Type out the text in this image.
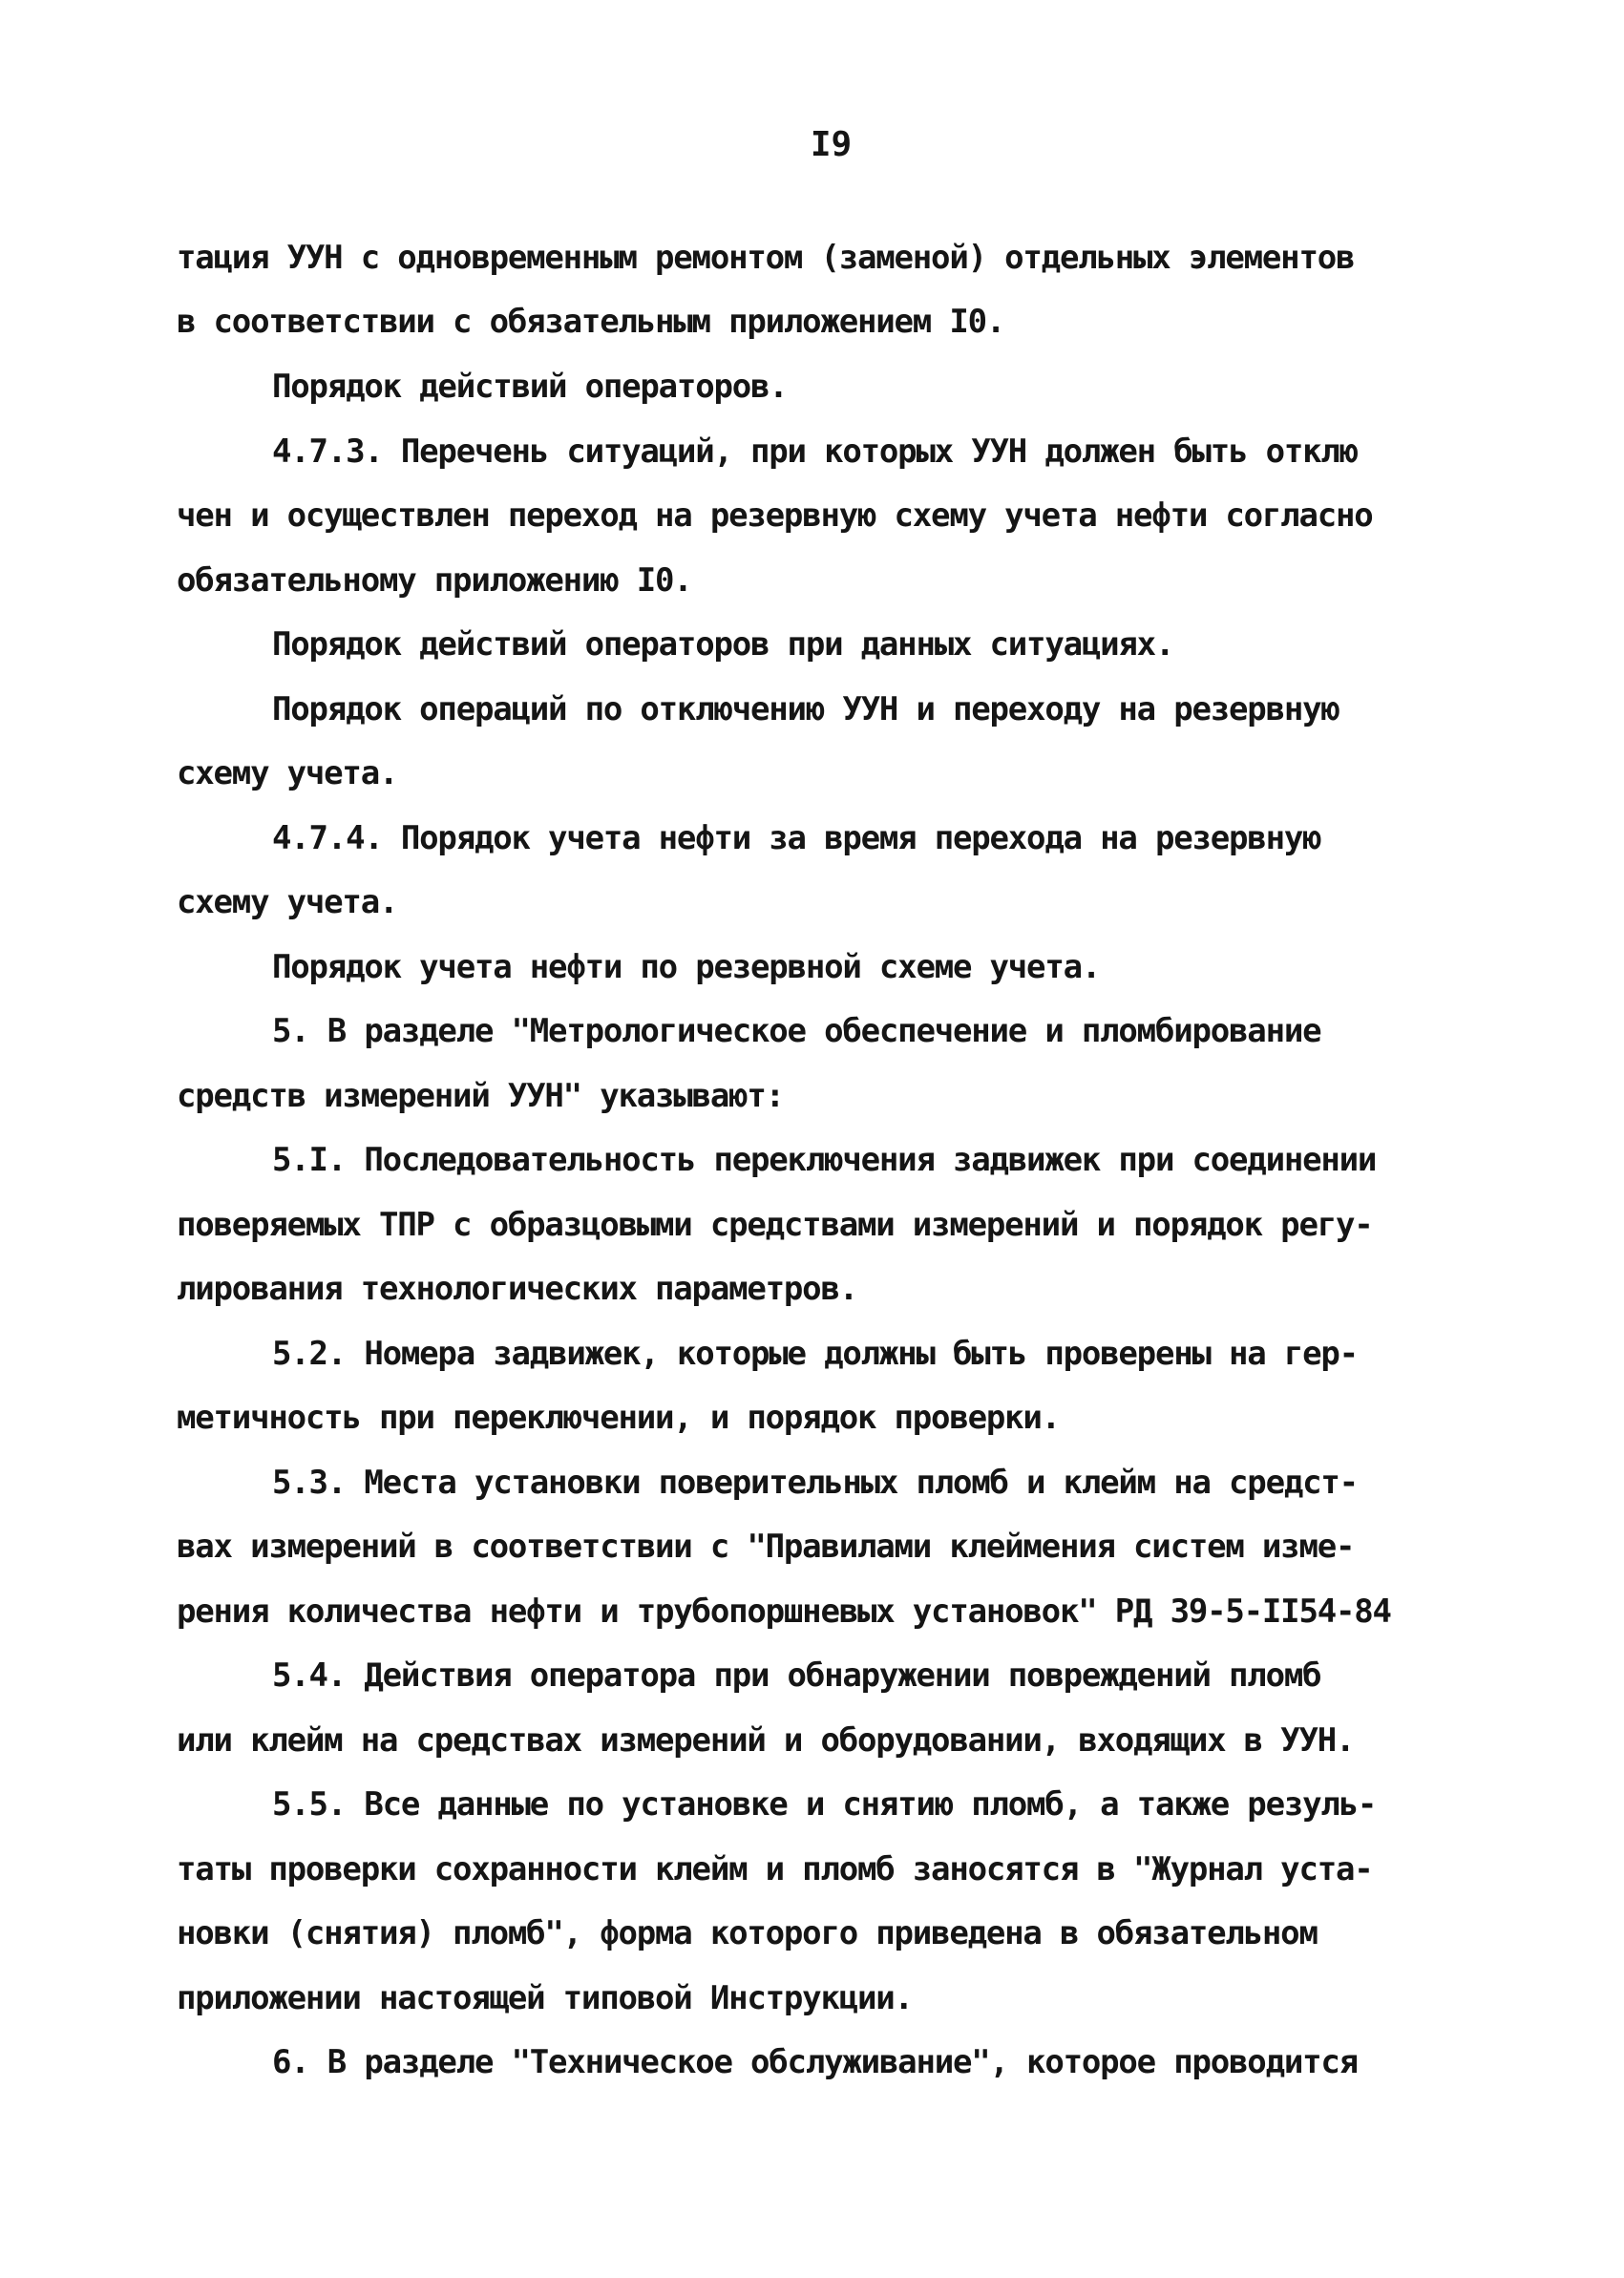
I9
тация УУН с одновременным ремонтом (заменой) отдельных элементов
в соответствии с обязательным приложением I0.
Порядок действий операторов.
4.7.3. Перечень ситуаций, при которых УУН должен быть отклю
чен и осуществлен переход на резервную схему учета нефти согласно
обязательному приложению I0.
Порядок действий операторов при данных ситуациях.
Порядок операций по отключению УУН и переходу на резервную
схему учета.
4.7.4. Порядок учета нефти за время перехода на резервную
схему учета.
Порядок учета нефти по резервной схеме учета.
5. В разделе "Метрологическое обеспечение и пломбирование
средств измерений УУН" указывают:
5.I. Последовательность переключения задвижек при соединении
поверяемых ТПР с образцовыми средствами измерений и порядок регу-
лирования технологических параметров.
5.2. Номера задвижек, которые должны быть проверены на гер-
метичность при переключении, и порядок проверки.
5.3. Места установки поверительных пломб и клейм на средст-
вах измерений в соответствии с "Правилами клеймения систем изме-
рения количества нефти и трубопоршневых установок" РД 39-5-II54-84
5.4. Действия оператора при обнаружении повреждений пломб
или клейм на средствах измерений и оборудовании, входящих в УУН.
5.5. Все данные по установке и снятию пломб, а также резуль-
таты проверки сохранности клейм и пломб заносятся в "Журнал уста-
новки (снятия) пломб", форма которого приведена в обязательном
приложении настоящей типовой Инструкции.
6. В разделе "Техническое обслуживание", которое проводится
